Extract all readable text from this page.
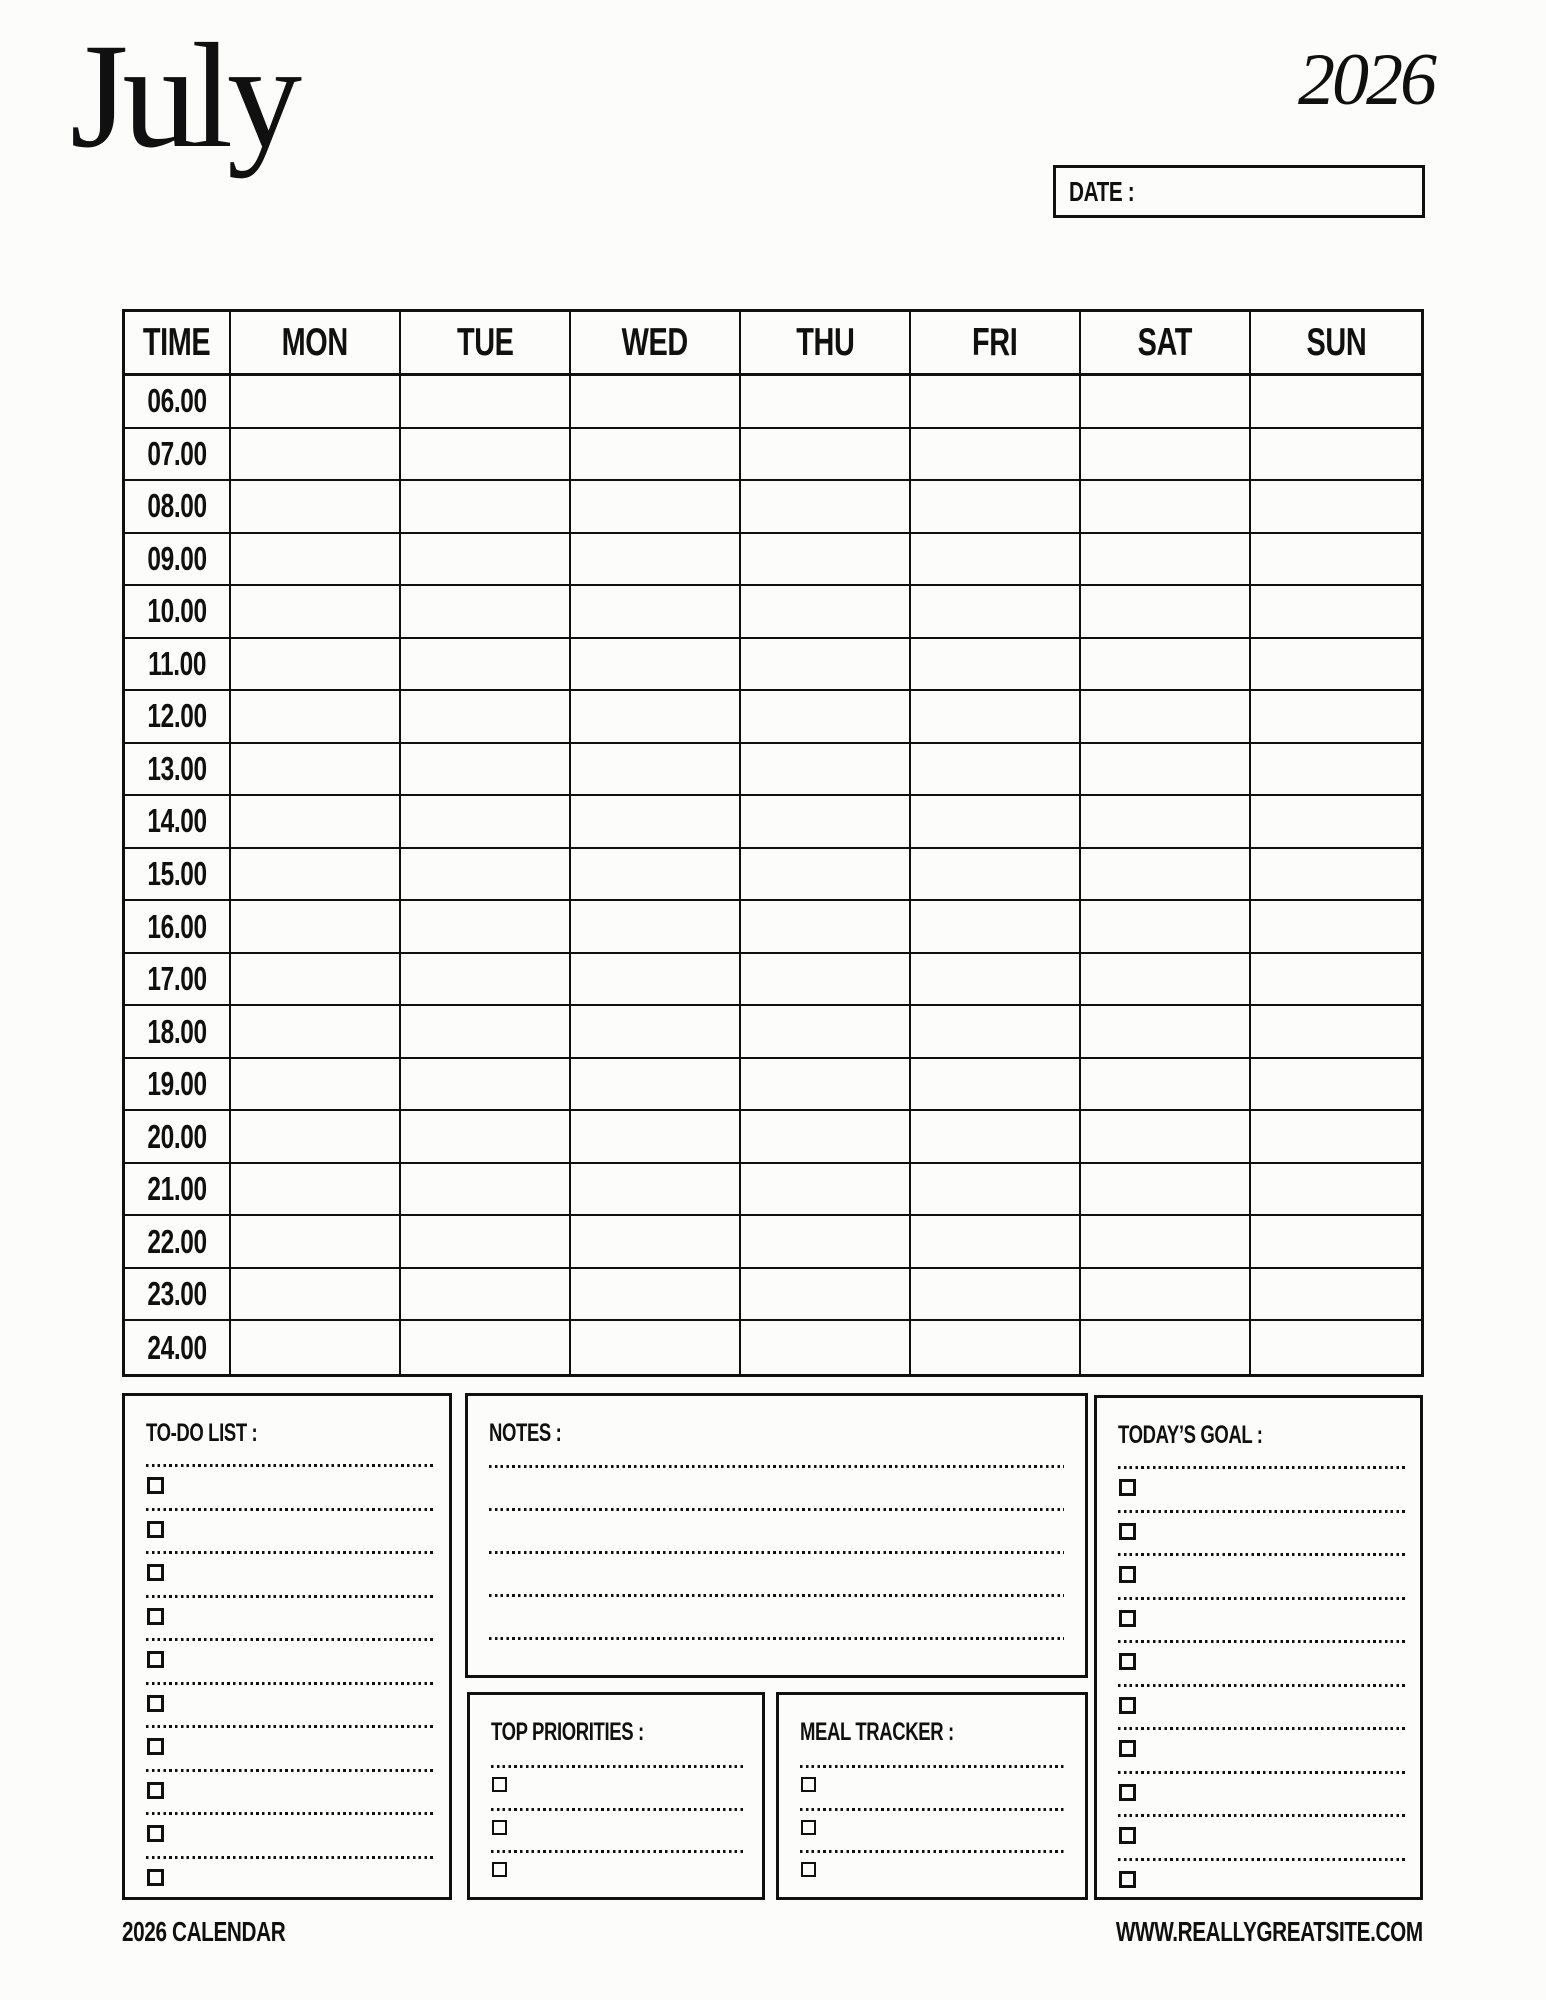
July	2026
DATE :
TIME MON	TUE	WED	THU	FRI	SAT	SUN
06.00
07.00
08.00
09.00
10.00
11.00
12.00
13.00
14.00
15.00
16.00
17.00
18.00
19.00
20.00
21.00
22.00
23.00
24.00
TO-DO LIST :	NOTES :
TOP PRIORITIES :	MEAL TRACKER :
TODAY’S GOAL :
2026 CALENDAR	WWW.REALLYGREATSITE.COM
